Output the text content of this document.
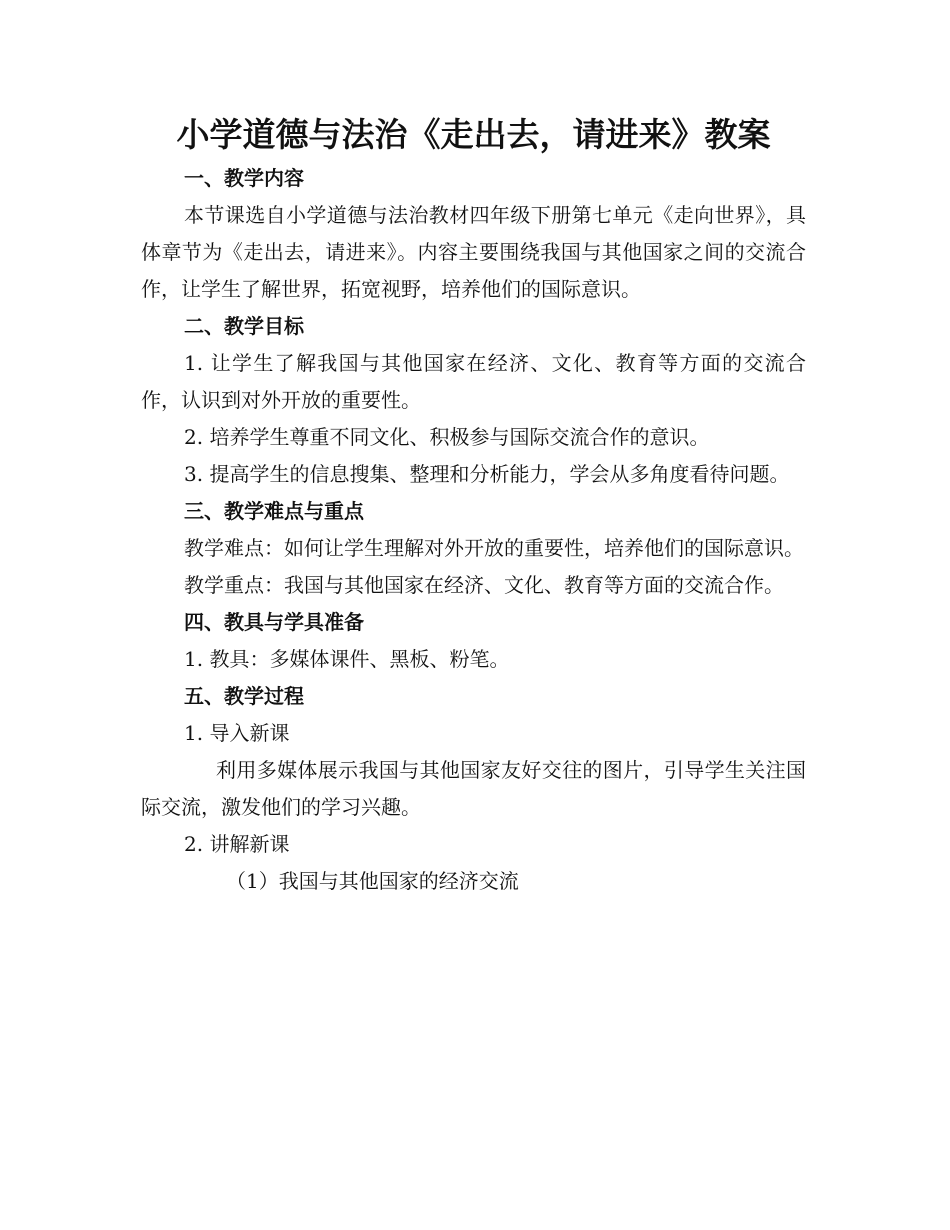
小学道德与法治《走出去，请进来》教案

一、教学内容

本节课选自小学道德与法治教材四年级下册第七单元《走向世界》，具体章节为《走出去，请进来》。内容主要围绕我国与其他国家之间的交流合作，让学生了解世界，拓宽视野，培养他们的国际意识。

二、教学目标

1. 让学生了解我国与其他国家在经济、文化、教育等方面的交流合作，认识到对外开放的重要性。

2. 培养学生尊重不同文化、积极参与国际交流合作的意识。

3. 提高学生的信息搜集、整理和分析能力，学会从多角度看待问题。

三、教学难点与重点

教学难点：如何让学生理解对外开放的重要性，培养他们的国际意识。

教学重点：我国与其他国家在经济、文化、教育等方面的交流合作。

四、教具与学具准备

1. 教具：多媒体课件、黑板、粉笔。

五、教学过程

1. 导入新课

利用多媒体展示我国与其他国家友好交往的图片，引导学生关注国际交流，激发他们的学习兴趣。

2. 讲解新课

（1）我国与其他国家的经济交流
